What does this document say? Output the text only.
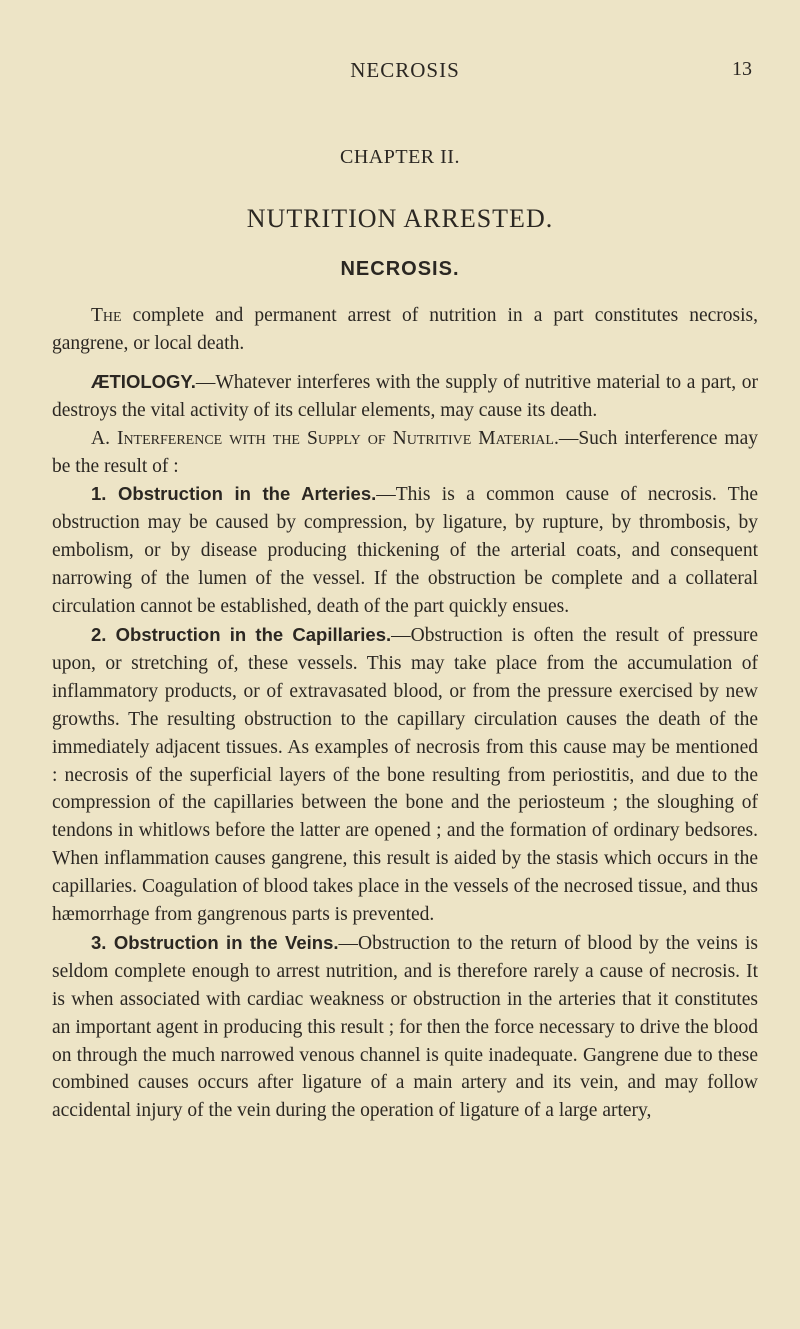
NECROSIS	13
CHAPTER II.
NUTRITION ARRESTED.
NECROSIS.

The complete and permanent arrest of nutrition in a part constitutes necrosis, gangrene, or local death.

ÆTIOLOGY.—Whatever interferes with the supply of nutritive material to a part, or destroys the vital activity of its cellular elements, may cause its death.

A. Interference with the Supply of Nutritive Material.—Such interference may be the result of :

1. Obstruction in the Arteries.—This is a common cause of necrosis. The obstruction may be caused by compression, by ligature, by rupture, by thrombosis, by embolism, or by disease producing thickening of the arterial coats, and consequent narrowing of the lumen of the vessel. If the obstruction be complete and a collateral circulation cannot be established, death of the part quickly ensues.

2. Obstruction in the Capillaries.—Obstruction is often the result of pressure upon, or stretching of, these vessels. This may take place from the accumulation of inflammatory products, or of extravasated blood, or from the pressure exercised by new growths. The resulting obstruction to the capillary circulation causes the death of the immediately adjacent tissues. As examples of necrosis from this cause may be mentioned : necrosis of the superficial layers of the bone resulting from periostitis, and due to the compression of the capillaries between the bone and the periosteum ; the sloughing of tendons in whitlows before the latter are opened ; and the formation of ordinary bedsores. When inflammation causes gangrene, this result is aided by the stasis which occurs in the capillaries. Coagulation of blood takes place in the vessels of the necrosed tissue, and thus hæmorrhage from gangrenous parts is prevented.

3. Obstruction in the Veins.—Obstruction to the return of blood by the veins is seldom complete enough to arrest nutrition, and is therefore rarely a cause of necrosis. It is when associated with cardiac weakness or obstruction in the arteries that it constitutes an important agent in producing this result ; for then the force necessary to drive the blood on through the much narrowed venous channel is quite inadequate. Gangrene due to these combined causes occurs after ligature of a main artery and its vein, and may follow accidental injury of the vein during the operation of ligature of a large artery,
